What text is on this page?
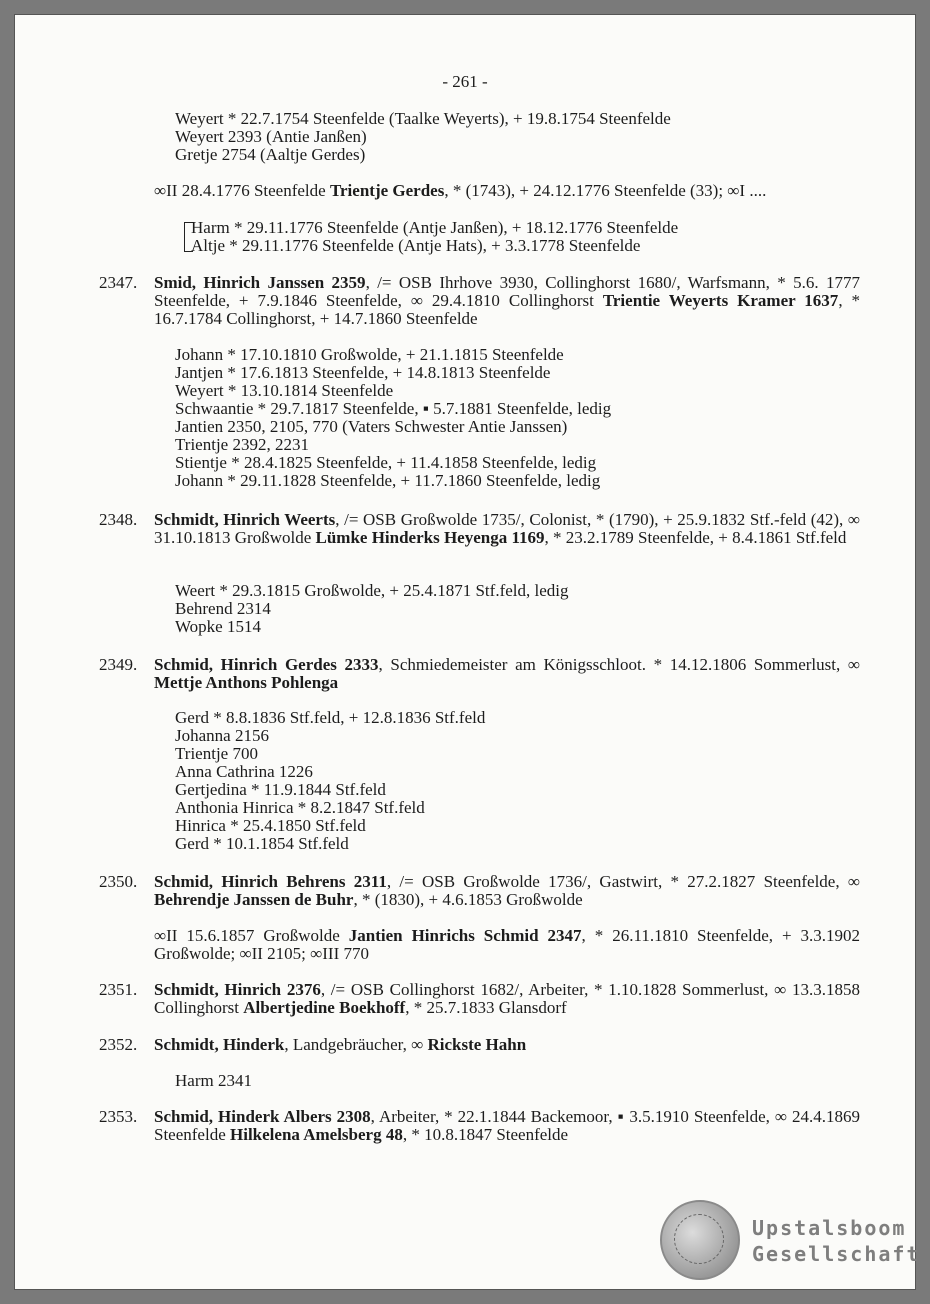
- 261 -
Weyert * 22.7.1754 Steenfelde (Taalke Weyerts), + 19.8.1754 Steenfelde
Weyert 2393 (Antie Janßen)
Gretje 2754 (Aaltje Gerdes)
∞II 28.4.1776 Steenfelde Trientje Gerdes, * (1743), + 24.12.1776 Steenfelde (33); ∞I ....
Harm * 29.11.1776 Steenfelde (Antje Janßen), + 18.12.1776 Steenfelde
Altje * 29.11.1776 Steenfelde (Antje Hats), + 3.3.1778 Steenfelde
2347. Smid, Hinrich Janssen 2359, /= OSB Ihrhove 3930, Collinghorst 1680/, Warfsmann, * 5.6. 1777 Steenfelde, + 7.9.1846 Steenfelde, ∞ 29.4.1810 Collinghorst Trientie Weyerts Kramer 1637, * 16.7.1784 Collinghorst, + 14.7.1860 Steenfelde
Johann * 17.10.1810 Großwolde, + 21.1.1815 Steenfelde
Jantjen * 17.6.1813 Steenfelde, + 14.8.1813 Steenfelde
Weyert * 13.10.1814 Steenfelde
Schwaantie * 29.7.1817 Steenfelde, ▪ 5.7.1881 Steenfelde, ledig
Jantien 2350, 2105, 770 (Vaters Schwester Antie Janssen)
Trientje 2392, 2231
Stientje * 28.4.1825 Steenfelde, + 11.4.1858 Steenfelde, ledig
Johann * 29.11.1828 Steenfelde, + 11.7.1860 Steenfelde, ledig
2348. Schmidt, Hinrich Weerts, /= OSB Großwolde 1735/, Colonist, * (1790), + 25.9.1832 Stf.-feld (42), ∞ 31.10.1813 Großwolde Lümke Hinderks Heyenga 1169, * 23.2.1789 Steenfelde, + 8.4.1861 Stf.feld
Weert * 29.3.1815 Großwolde, + 25.4.1871 Stf.feld, ledig
Behrend 2314
Wopke 1514
2349. Schmid, Hinrich Gerdes 2333, Schmiedemeister am Königsschloot. * 14.12.1806 Sommerlust, ∞ Mettje Anthons Pohlenga
Gerd * 8.8.1836 Stf.feld, + 12.8.1836 Stf.feld
Johanna 2156
Trientje 700
Anna Cathrina 1226
Gertjedina * 11.9.1844 Stf.feld
Anthonia Hinrica * 8.2.1847 Stf.feld
Hinrica * 25.4.1850 Stf.feld
Gerd * 10.1.1854 Stf.feld
2350. Schmid, Hinrich Behrens 2311, /= OSB Großwolde 1736/, Gastwirt, * 27.2.1827 Steenfelde, ∞ Behrendje Janssen de Buhr, * (1830), + 4.6.1853 Großwolde
∞II 15.6.1857 Großwolde Jantien Hinrichs Schmid 2347, * 26.11.1810 Steenfelde, + 3.3.1902 Großwolde; ∞II 2105; ∞III 770
2351. Schmidt, Hinrich 2376, /= OSB Collinghorst 1682/, Arbeiter, * 1.10.1828 Sommerlust, ∞ 13.3.1858 Collinghorst Albertjedine Boekhoff, * 25.7.1833 Glansdorf
2352. Schmidt, Hinderk, Landgebräucher, ∞ Rickste Hahn
Harm 2341
2353. Schmid, Hinderk Albers 2308, Arbeiter, * 22.1.1844 Backemoor, ▪ 3.5.1910 Steenfelde, ∞ 24.4.1869 Steenfelde Hilkelena Amelsberg 48, * 10.8.1847 Steenfelde
Upstalsboom
Gesellschaft
